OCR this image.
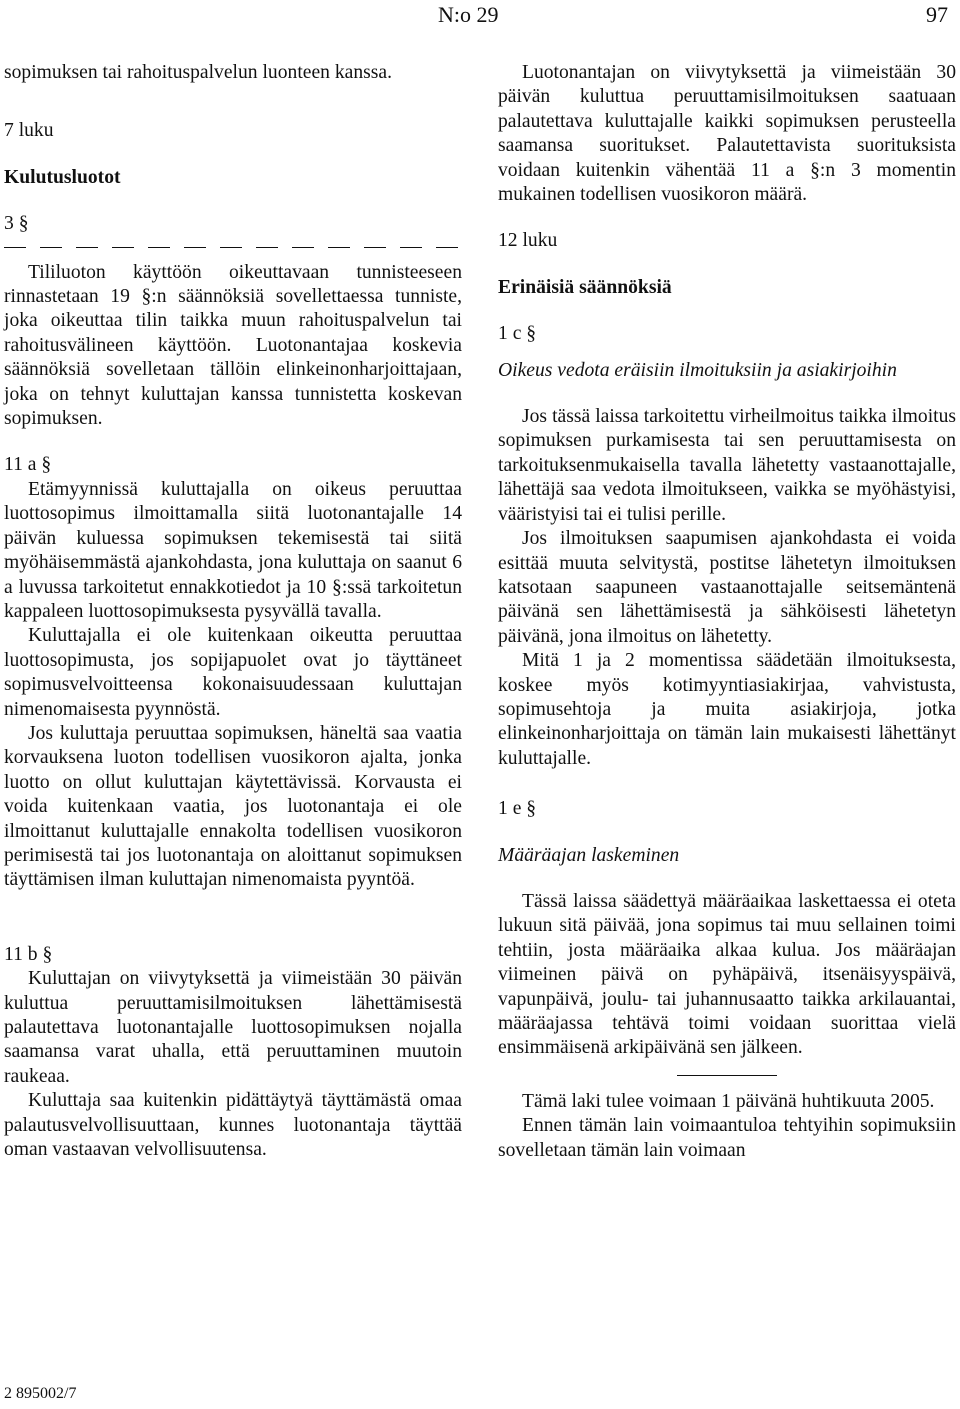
N:o 29	97

sopimuksen tai rahoituspalvelun luonteen kanssa.

7 luku

Kulutusluotot

3 §

Tililuoton käyttöön oikeuttavaan tunnisteeseen rinnastetaan 19 §:n säännöksiä sovellettaessa tunniste, joka oikeuttaa tilin taikka muun rahoituspalvelun tai rahoitusvälineen käyttöön. Luotonantajaa koskevia säännöksiä sovelletaan tällöin elinkeinonharjoittajaan, joka on tehnyt kuluttajan kanssa tunnistetta koskevan sopimuksen.

11 a §

Etämyynnissä kuluttajalla on oikeus peruuttaa luottosopimus ilmoittamalla siitä luotonantajalle 14 päivän kuluessa sopimuksen tekemisestä tai siitä myöhäisemmästä ajankohdasta, jona kuluttaja on saanut 6 a luvussa tarkoitetut ennakkotiedot ja 10 §:ssä tarkoitetun kappaleen luottosopimuksesta pysyvällä tavalla.

Kuluttajalla ei ole kuitenkaan oikeutta peruuttaa luottosopimusta, jos sopijapuolet ovat jo täyttäneet sopimusvelvoitteensa kokonaisuudessaan kuluttajan nimenomaisesta pyynnöstä.

Jos kuluttaja peruuttaa sopimuksen, häneltä saa vaatia korvauksena luoton todellisen vuosikoron ajalta, jonka luotto on ollut kuluttajan käytettävissä. Korvausta ei voida kuitenkaan vaatia, jos luotonantaja ei ole ilmoittanut kuluttajalle ennakolta todellisen vuosikoron perimisestä tai jos luotonantaja on aloittanut sopimuksen täyttämisen ilman kuluttajan nimenomaista pyyntöä.

11 b §

Kuluttajan on viivytyksettä ja viimeistään 30 päivän kuluttua peruuttamisilmoituksen lähettämisestä palautettava luotonantajalle luottosopimuksen nojalla saamansa varat uhalla, että peruuttaminen muutoin raukeaa.

Kuluttaja saa kuitenkin pidättäytyä täyttämästä omaa palautusvelvollisuuttaan, kunnes luotonantaja täyttää oman vastaavan velvollisuutensa.

Luotonantajan on viivytyksettä ja viimeistään 30 päivän kuluttua peruuttamisilmoituksen saatuaan palautettava kuluttajalle kaikki sopimuksen perusteella saamansa suoritukset. Palautettavista suorituksista voidaan kuitenkin vähentää 11 a §:n 3 momentin mukainen todellisen vuosikoron määrä.

12 luku

Erinäisiä säännöksiä

1 c §

Oikeus vedota eräisiin ilmoituksiin ja asiakirjoihin

Jos tässä laissa tarkoitettu virheilmoitus taikka ilmoitus sopimuksen purkamisesta tai sen peruuttamisesta on tarkoituksenmukaisella tavalla lähetetty vastaanottajalle, lähettäjä saa vedota ilmoitukseen, vaikka se myöhästyisi, vääristyisi tai ei tulisi perille.

Jos ilmoituksen saapumisen ajankohdasta ei voida esittää muuta selvitystä, postitse lähetetyn ilmoituksen katsotaan saapuneen vastaanottajalle seitsemäntenä päivänä sen lähettämisestä ja sähköisesti lähetetyn päivänä, jona ilmoitus on lähetetty.

Mitä 1 ja 2 momentissa säädetään ilmoituksesta, koskee myös kotimyyntiasiakirjaa, vahvistusta, sopimusehtoja ja muita asiakirjoja, jotka elinkeinonharjoittaja on tämän lain mukaisesti lähettänyt kuluttajalle.

1 e §

Määräajan laskeminen

Tässä laissa säädettyä määräaikaa laskettaessa ei oteta lukuun sitä päivää, jona sopimus tai muu sellainen toimi tehtiin, josta määräaika alkaa kulua. Jos määräajan viimeinen päivä on pyhäpäivä, itsenäisyyspäivä, vapunpäivä, joulu- tai juhannusaatto taikka arkilauantai, määräajassa tehtävä toimi voidaan suorittaa vielä ensimmäisenä arkipäivänä sen jälkeen.

Tämä laki tulee voimaan 1 päivänä huhtikuuta 2005.

Ennen tämän lain voimaantuloa tehtyihin sopimuksiin sovelletaan tämän lain voimaan

2 895002/7
